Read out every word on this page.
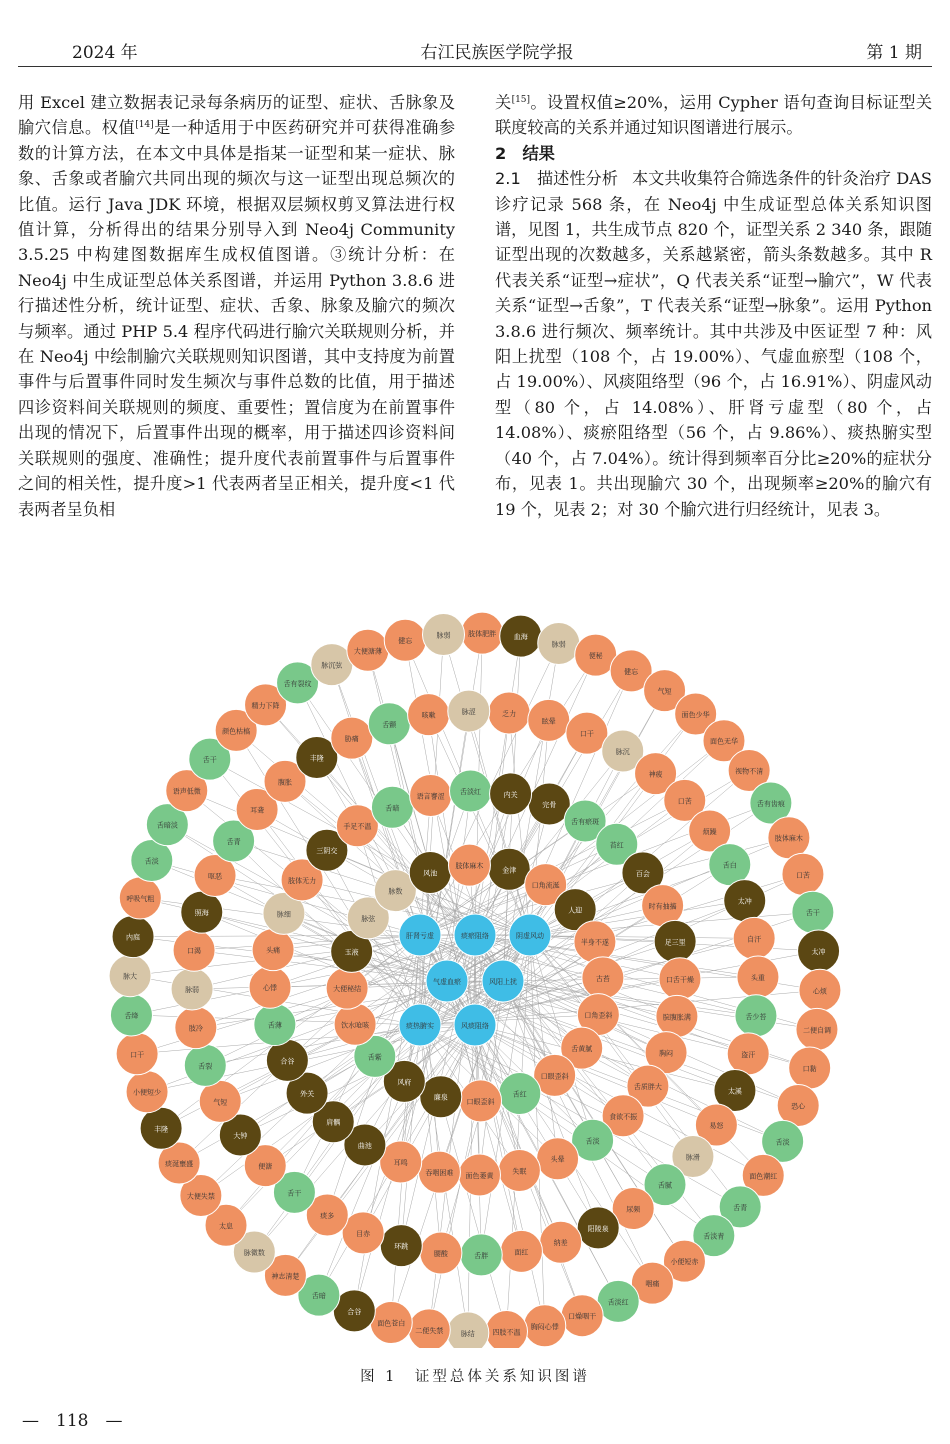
2024 年	右江民族医学院学报	第 1 期

用 Excel 建立数据表记录每条病历的证型、症状、舌脉象及腧穴信息。权值[14]是一种适用于中医药研究并可获得准确参数的计算方法，在本文中具体是指某一证型和某一症状、脉象、舌象或者腧穴共同出现的频次与这一证型出现总频次的比值。运行 Java JDK 环境，根据双层频权剪叉算法进行权值计算，分析得出的结果分别导入到 Neo4j Community 3.5.25 中构建图数据库生成权值图谱。③统计分析：在 Neo4j 中生成证型总体关系图谱，并运用 Python 3.8.6 进行描述性分析，统计证型、症状、舌象、脉象及腧穴的频次与频率。通过 PHP 5.4 程序代码进行腧穴关联规则分析，并在 Neo4j 中绘制腧穴关联规则知识图谱，其中支持度为前置事件与后置事件同时发生频次与事件总数的比值，用于描述四诊资料间关联规则的频度、重要性；置信度为在前置事件出现的情况下，后置事件出现的概率，用于描述四诊资料间关联规则的强度、准确性；提升度代表前置事件与后置事件之间的相关性，提升度>1 代表两者呈正相关，提升度<1 代表两者呈负相

关[15]。设置权值≥20%，运用 Cypher 语句查询目标证型关联度较高的关系并通过知识图谱进行展示。

2　结果

2.1　描述性分析 本文共收集符合筛选条件的针灸治疗 DAS 诊疗记录 568 条，在 Neo4j 中生成证型总体关系知识图谱，见图 1，共生成节点 820 个，证型关系 2 340 条，跟随证型出现的次数越多，关系越紧密，箭头条数越多。其中 R 代表关系“证型→症状”，Q 代表关系“证型→腧穴”，W 代表关系“证型→舌象”，T 代表关系“证型→脉象”。运用 Python 3.8.6 进行频次、频率统计。其中共涉及中医证型 7 种：风阳上扰型（108 个，占 19.00%）、气虚血瘀型（108 个，占 19.00%）、风痰阻络型（96 个，占 16.91%）、阴虚风动型（80 个，占 14.08%）、肝肾亏虚型（80 个，占 14.08%）、痰瘀阻络型（56 个，占 9.86%）、痰热腑实型（40 个，占 7.04%）。统计得到频率百分比≥20%的症状分布，见表 1。共出现腧穴 30 个，出现频率≥20%的腧穴有 19 个，见表 2；对 30 个腧穴进行归经统计，见表 3。

金津
口角流涎
人迎
半身不遂
古苔
口角歪斜
舌黄腻
口眼歪斜
舌红
口眼歪斜
廉泉
风府
舌紫
饮水呛咳
大便秘结
玉液
脉弦
脉数
风池
肢体麻木
完骨
舌有瘀斑
苔红
百会
时有抽搐
足三里
口舌干燥
脘腹胀满
胸闷
舌质胖大
食欲不振
舌淡
头晕
失眠
面色萎黄
吞咽困难
耳鸣
曲池
肩髃
外关
合谷
舌薄
心悸
头痛
脉细
肢体无力
三阴交
手足不温
舌暗
语言謇涩
舌淡红	内关
乏力
眩晕
口干
脉沉
神疲
口苦
烦躁
舌白
太冲
自汗
头重
舌少苔
盗汗
太溪
易怒
脉滑
舌腻
尿频
阳陵泉
纳差
面红
舌胖
腰酸
环跳
目赤
痰多
舌干
便溏
大钟
气短
舌裂
肢冷
脉弱
口渴
照海
呕恶
舌青
耳聋
腹胀
丰隆
胁痛
舌颤
咳嗽	脉涩
肢体肥胖	血海
脉弱
便秘
健忘
气短
面色少华
面色无华
视物不清
舌有齿痕
肢体麻木
口苦
舌干
太冲
心烦
二便自调
口黏
恐心
舌淡
面色潮红
舌青
舌淡青
小便短赤
咽痛
舌淡红
口燥咽干
胸闷心悸
四肢不温
脉结
二便失禁
面色苍白
合谷
舌暗
神志清楚
脉微数
太息
大便失禁
痰涎壅盛
丰隆
小便短少
口干
舌绛
脉大
内庭
呼吸气粗
舌淡
舌暗淡
语声低微
舌干
颜色枯槁
精力下降
舌有裂纹
脉沉弦
大便溏薄
健忘
脉弱
肝肾亏虚	痰瘀阻络	阴虚风动
气虚血瘀	风阳上扰
痰热腑实	风痰阻络
图 1　证型总体关系知识图谱
—　118　—
